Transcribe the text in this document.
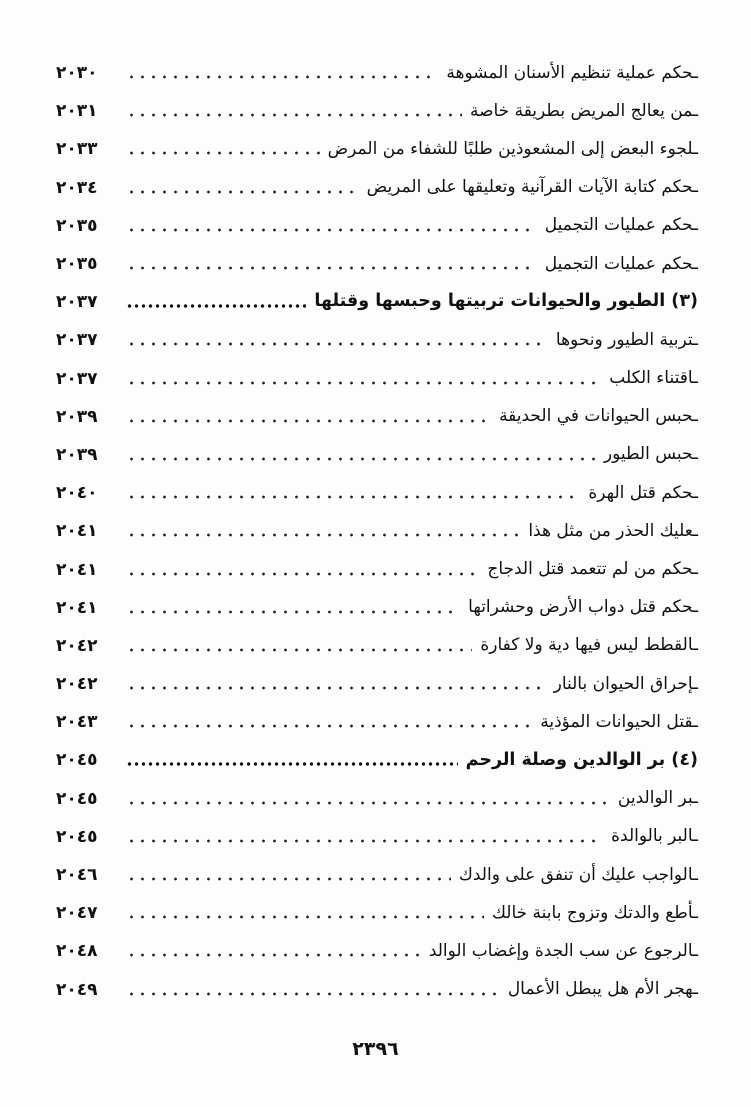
ـحكم عملية تنظيم الأسنان المشوهة
٢٠٣٠
ـمن يعالج المريض بطريقة خاصة
٢٠٣١
ـلجوء البعض إلى المشعوذين طلبًا للشفاء من المرض
٢٠٣٣
ـحكم كتابة الآيات القرآنية وتعليقها على المريض
٢٠٣٤
ـحكم عمليات التجميل
٢٠٣٥
ـحكم عمليات التجميل
٢٠٣٥
(٣) الطيور والحيوانات تربيتها وحبسها وقتلها
٢٠٣٧
ـتربية الطيور ونحوها
٢٠٣٧
ـاقتناء الكلب
٢٠٣٧
ـحبس الحيوانات في الحديقة
٢٠٣٩
ـحبس الطيور
٢٠٣٩
ـحكم قتل الهرة
٢٠٤٠
ـعليك الحذر من مثل هذا
٢٠٤١
ـحكم من لم تتعمد قتل الدجاج
٢٠٤١
ـحكم قتل دواب الأرض وحشراتها
٢٠٤١
ـالقطط ليس فيها دية ولا كفارة
٢٠٤٢
ـإحراق الحيوان بالنار
٢٠٤٢
ـقتل الحيوانات المؤذية
٢٠٤٣
(٤) بر الوالدين وصلة الرحم
٢٠٤٥
ـبر الوالدين
٢٠٤٥
ـالبر بالوالدة
٢٠٤٥
ـالواجب عليك أن تنفق على والدك
٢٠٤٦
ـأطع والدتك وتزوج بابنة خالك
٢٠٤٧
ـالرجوع عن سب الجدة وإغضاب الوالد
٢٠٤٨
ـهجر الأم هل يبطل الأعمال
٢٠٤٩
٢٣٩٦
